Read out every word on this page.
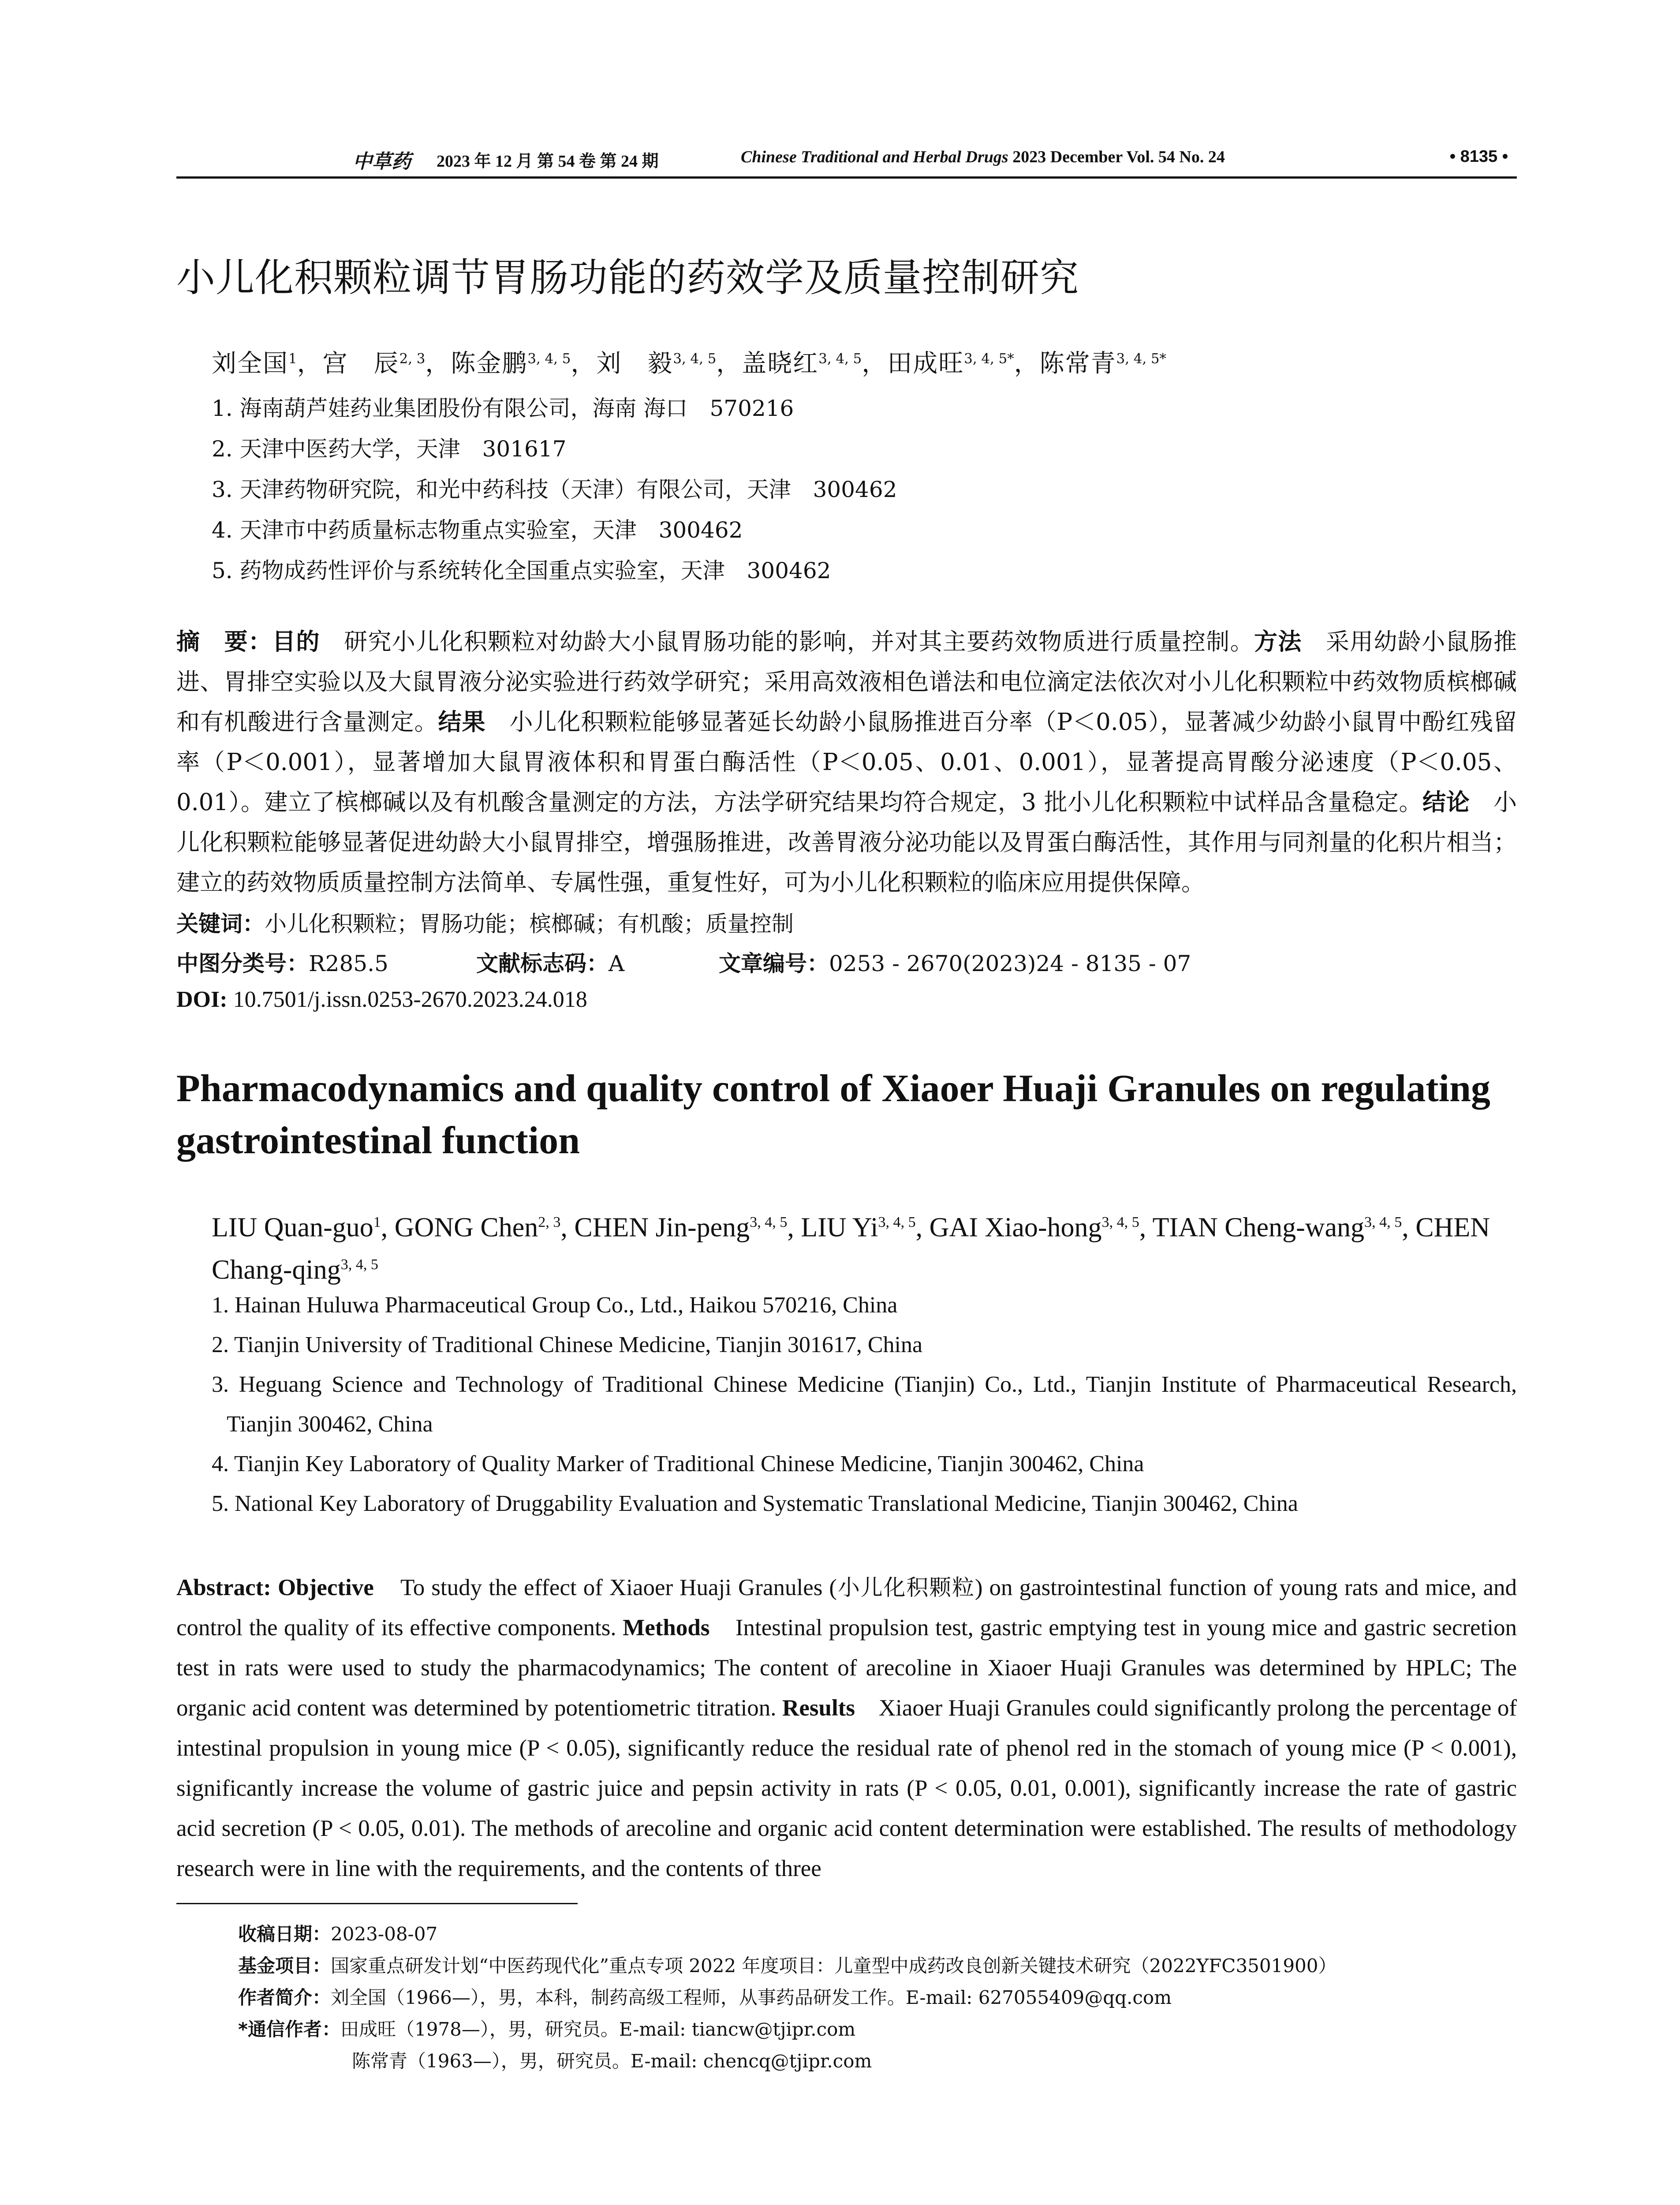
中草药 2023 年 12 月 第 54 卷 第 24 期	Chinese Traditional and Herbal Drugs 2023 December Vol. 54 No. 24	• 8135 •
小儿化积颗粒调节胃肠功能的药效学及质量控制研究
刘全国$^1$，宫　辰$^{2, 3}$，陈金鹏$^{3, 4, 5}$，刘　毅$^{3, 4, 5}$，盖晓红$^{3, 4, 5}$，田成旺$^{3, 4, 5*}$，陈常青$^{3, 4, 5*}$
1. 海南葫芦娃药业集团股份有限公司，海南 海口　570216
2. 天津中医药大学，天津　301617
3. 天津药物研究院，和光中药科技（天津）有限公司，天津　300462
4. 天津市中药质量标志物重点实验室，天津　300462
5. 药物成药性评价与系统转化全国重点实验室，天津　300462
摘　要：目的　研究小儿化积颗粒对幼龄大小鼠胃肠功能的影响，并对其主要药效物质进行质量控制。方法　采用幼龄小鼠肠推进、胃排空实验以及大鼠胃液分泌实验进行药效学研究；采用高效液相色谱法和电位滴定法依次对小儿化积颗粒中药效物质槟榔碱和有机酸进行含量测定。结果　小儿化积颗粒能够显著延长幼龄小鼠肠推进百分率（P＜0.05），显著减少幼龄小鼠胃中酚红残留率（P＜0.001），显著增加大鼠胃液体积和胃蛋白酶活性（P＜0.05、0.01、0.001），显著提高胃酸分泌速度（P＜0.05、0.01）。建立了槟榔碱以及有机酸含量测定的方法，方法学研究结果均符合规定，3 批小儿化积颗粒中试样品含量稳定。结论　小儿化积颗粒能够显著促进幼龄大小鼠胃排空，增强肠推进，改善胃液分泌功能以及胃蛋白酶活性，其作用与同剂量的化积片相当；建立的药效物质质量控制方法简单、专属性强，重复性好，可为小儿化积颗粒的临床应用提供保障。
关键词：小儿化积颗粒；胃肠功能；槟榔碱；有机酸；质量控制
中图分类号：R285.5	文献标志码：A	文章编号：0253 - 2670(2023)24 - 8135 - 07
DOI: 10.7501/j.issn.0253-2670.2023.24.018
Pharmacodynamics and quality control of Xiaoer Huaji Granules on regulating gastrointestinal function
LIU Quan-guo$^1$, GONG Chen$^{2, 3}$, CHEN Jin-peng$^{3, 4, 5}$, LIU Yi$^{3, 4, 5}$, GAI Xiao-hong$^{3, 4, 5}$, TIAN Cheng-wang$^{3, 4, 5}$, CHEN Chang-qing$^{3, 4, 5}$
1. Hainan Huluwa Pharmaceutical Group Co., Ltd., Haikou 570216, China
2. Tianjin University of Traditional Chinese Medicine, Tianjin 301617, China
3. Heguang Science and Technology of Traditional Chinese Medicine (Tianjin) Co., Ltd., Tianjin Institute of Pharmaceutical Research, Tianjin 300462, China
4. Tianjin Key Laboratory of Quality Marker of Traditional Chinese Medicine, Tianjin 300462, China
5. National Key Laboratory of Druggability Evaluation and Systematic Translational Medicine, Tianjin 300462, China
Abstract: Objective To study the effect of Xiaoer Huaji Granules (小儿化积颗粒) on gastrointestinal function of young rats and mice, and control the quality of its effective components. Methods Intestinal propulsion test, gastric emptying test in young mice and gastric secretion test in rats were used to study the pharmacodynamics; The content of arecoline in Xiaoer Huaji Granules was determined by HPLC; The organic acid content was determined by potentiometric titration. Results Xiaoer Huaji Granules could significantly prolong the percentage of intestinal propulsion in young mice (P < 0.05), significantly reduce the residual rate of phenol red in the stomach of young mice (P < 0.001), significantly increase the volume of gastric juice and pepsin activity in rats (P < 0.05, 0.01, 0.001), significantly increase the rate of gastric acid secretion (P < 0.05, 0.01). The methods of arecoline and organic acid content determination were established. The results of methodology research were in line with the requirements, and the contents of three
收稿日期：2023-08-07
基金项目：国家重点研发计划“中医药现代化”重点专项 2022 年度项目：儿童型中成药改良创新关键技术研究（2022YFC3501900）
作者简介：刘全国（1966—），男，本科，制药高级工程师，从事药品研发工作。E-mail: 627055409@qq.com
*通信作者：田成旺（1978—），男，研究员。E-mail: tiancw@tjipr.com
陈常青（1963—），男，研究员。E-mail: chencq@tjipr.com
